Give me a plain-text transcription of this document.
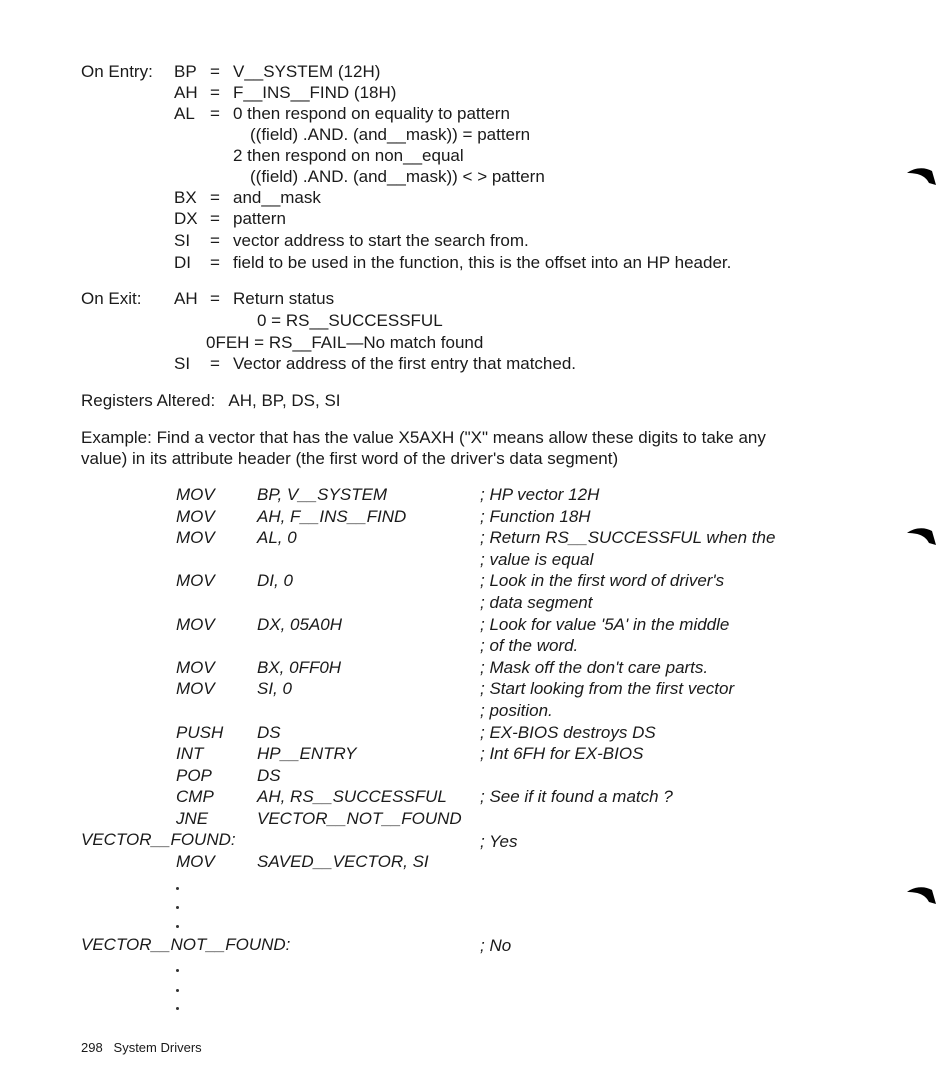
On Entry: BP = V__SYSTEM (12H)
AH = F__INS__FIND (18H)
AL = 0 then respond on equality to pattern
((field) .AND. (and__mask)) = pattern
2 then respond on non__equal
((field) .AND. (and__mask)) < > pattern
BX = and__mask
DX = pattern
SI	= vector address to start the search from.
DI = field to be used in the function, this is the offset into an HP header.
On Exit: AH = Return status
0 = RS__SUCCESSFUL
0FEH = RS__FAIL—No match found
SI	= Vector address of the first entry that matched.
Registers Altered:   AH, BP, DS, SI
Example: Find a vector that has the value X5AXH ("X" means allow these digits to take any
value) in its attribute header (the first word of the driver's data segment)
MOV BP, V__SYSTEM	; HP vector 12H
MOV AH, F__INS__FIND	; Function 18H
MOV AL, 0	; Return RS__SUCCESSFUL when the
; value is equal
MOV DI, 0	; Look in the first word of driver's
; data segment
MOV DX, 05A0H	; Look for value '5A' in the middle
; of the word.
MOV BX, 0FF0H	; Mask off the don't care parts.
MOV SI, 0	; Start looking from the first vector
; position.
PUSH DS	; EX-BIOS destroys DS
INT	HP__ENTRY	; Int 6FH for EX-BIOS
POP	DS
CMP	AH, RS__SUCCESSFUL ; See if it found a match ?
JNE	VECTOR__NOT__FOUND
VECTOR__FOUND:	; Yes
MOV SAVED__VECTOR, SI
VECTOR__NOT__FOUND:	; No
298   System Drivers
